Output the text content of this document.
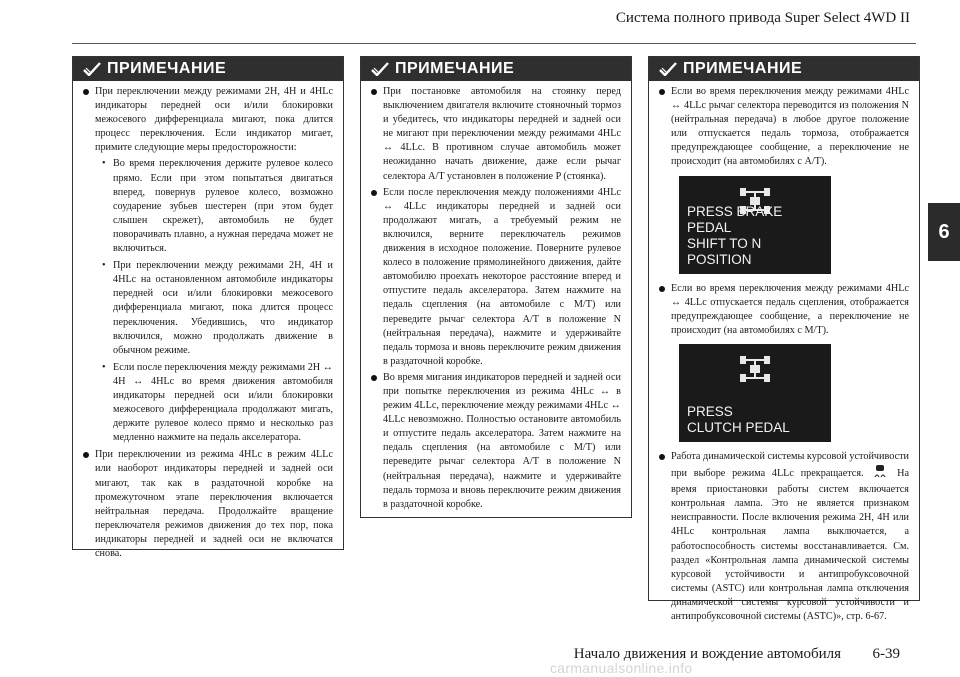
Система полного привода Super Select 4WD II
6
ПРИМЕЧАНИЕ

При переключении между режимами 2H, 4H и 4HLc индикаторы передней оси и/или блокировки межосевого дифференциала мигают, пока длится процесс переключения. Если индикатор мигает, примите следующие меры предосторожности:

• Во время переключения держите рулевое колесо прямо. Если при этом попытаться двигаться вперед, повернув рулевое колесо, возможно соударение зубьев шестерен (при этом будет слышен скрежет), автомобиль не будет поворачивать плавно, а нужная передача может не включиться.

• При переключении между режимами 2H, 4H и 4HLc на остановленном автомобиле индикаторы передней оси и/или блокировки межосевого дифференциала мигают, пока длится процесс переключения. Убедившись, что индикатор включился, можно продолжать движение в обычном режиме.

• Если после переключения между режимами 2H ↔ 4H ↔ 4HLc во время движения автомобиля индикаторы передней оси и/или блокировки межосевого дифференциала продолжают мигать, держите рулевое колесо прямо и несколько раз медленно нажмите на педаль акселератора.

При переключении из режима 4HLc в режим 4LLc или наоборот индикаторы передней и задней оси мигают, так как в раздаточной коробке на промежуточном этапе переключения включается нейтральная передача. Продолжайте вращение переключателя режимов движения до тех пор, пока индикаторы передней и задней оси не включатся снова.

ПРИМЕЧАНИЕ

При постановке автомобиля на стоянку перед выключением двигателя включите стояночный тормоз и убедитесь, что индикаторы передней и задней оси не мигают при переключении между режимами 4HLc ↔ 4LLc. В противном случае автомобиль может неожиданно начать движение, даже если рычаг селектора A/T установлен в положение P (стоянка).

Если после переключения между положениями 4HLc ↔ 4LLc индикаторы передней и задней оси продолжают мигать, а требуемый режим не включился, верните переключатель режимов движения в исходное положение. Поверните рулевое колесо в положение прямолинейного движения, дайте автомобилю проехать некоторое расстояние вперед и отпустите педаль акселератора. Затем нажмите на педаль сцепления (на автомобиле с M/T) или переведите рычаг селектора A/T в положение N (нейтральная передача), нажмите и удерживайте педаль тормоза и вновь переключите режим движения в раздаточной коробке.

Во время мигания индикаторов передней и задней оси при попытке переключения из режима 4HLc ↔ в режим 4LLc, переключение между режимами 4HLc ↔ 4LLc невозможно. Полностью остановите автомобиль и отпустите педаль акселератора. Затем нажмите на педаль сцепления (на автомобиле с M/T) или переведите рычаг селектора A/T в положение N (нейтральная передача), нажмите и удерживайте педаль тормоза и вновь переключите режим движения в раздаточной коробке.

ПРИМЕЧАНИЕ

Если во время переключения между режимами 4HLc ↔ 4LLc рычаг селектора переводится из положения N (нейтральная передача) в любое другое положение или отпускается педаль тормоза, отображается предупреждающее сообщение, а переключение не происходит (на автомобилях с A/T).

PRESS BRAKE PEDAL
SHIFT TO N POSITION

Если во время переключения между режимами 4HLc ↔ 4LLc отпускается педаль сцепления, отображается предупреждающее сообщение, а переключение не происходит (на автомобилях с M/T).

PRESS
CLUTCH PEDAL

Работа динамической системы курсовой устойчивости при выборе режима 4LLc прекращается.	На время приостановки работы систем включается контрольная лампа. Это не является признаком неисправности. После включения режима 2H, 4H или 4HLc контрольная лампа выключается, а работоспособность системы восстанавливается. См. раздел «Контрольная лампа динамической системы курсовой устойчивости и антипробуксовочной системы (ASTC) или контрольная лампа отключения динамической системы курсовой устойчивости и антипробуксовочной системы (ASTC)», стр. 6-67.

Начало движения и вождение автомобиля 6-39
carmanualsonline.info
